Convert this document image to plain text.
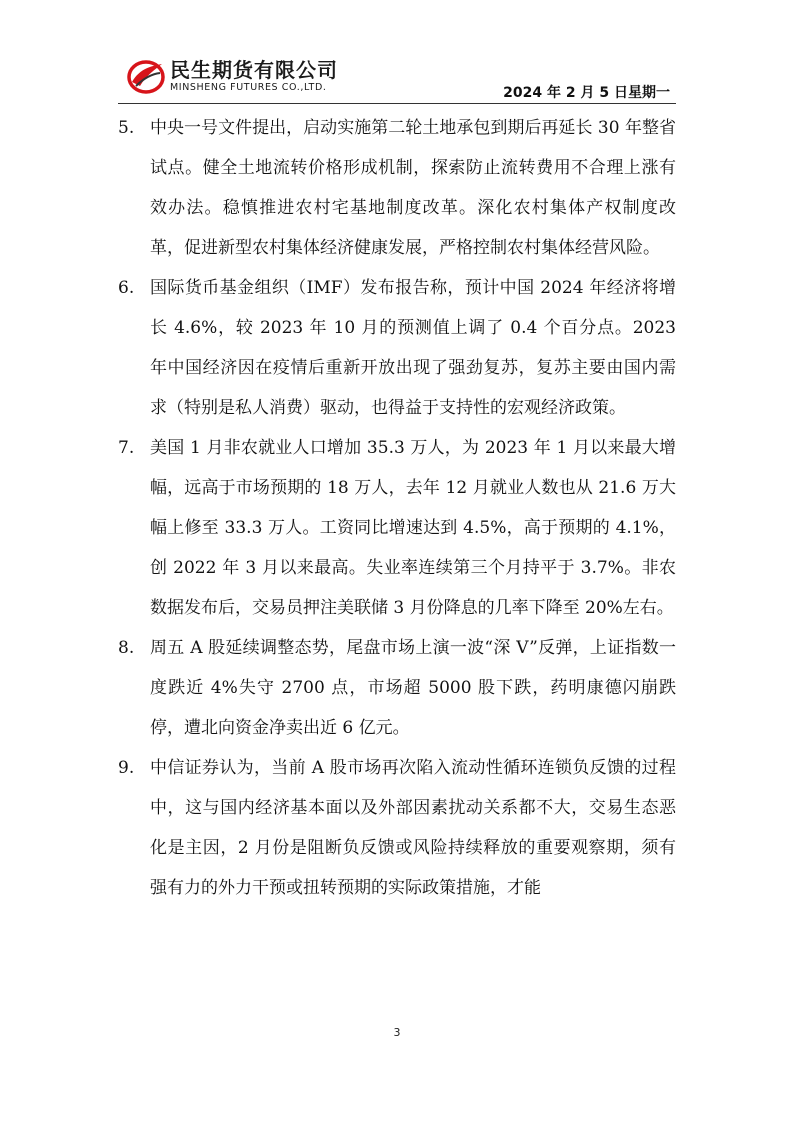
民生期货有限公司
MINSHENG FUTURES CO.,LTD.	2024 年 2 月 5 日星期一
5. 中央一号文件提出，启动实施第二轮土地承包到期后再延长 30 年整省试点。健全土地流转价格形成机制，探索防止流转费用不合理上涨有效办法。稳慎推进农村宅基地制度改革。深化农村集体产权制度改革，促进新型农村集体经济健康发展，严格控制农村集体经营风险。
6. 国际货币基金组织（IMF）发布报告称，预计中国 2024 年经济将增长 4.6%，较 2023 年 10 月的预测值上调了 0.4 个百分点。2023 年中国经济因在疫情后重新开放出现了强劲复苏，复苏主要由国内需求（特别是私人消费）驱动，也得益于支持性的宏观经济政策。
7. 美国 1 月非农就业人口增加 35.3 万人，为 2023 年 1 月以来最大增幅，远高于市场预期的 18 万人，去年 12 月就业人数也从 21.6 万大幅上修至 33.3 万人。工资同比增速达到 4.5%，高于预期的 4.1%，创 2022 年 3 月以来最高。失业率连续第三个月持平于 3.7%。非农数据发布后，交易员押注美联储 3 月份降息的几率下降至 20%左右。
8. 周五 A 股延续调整态势，尾盘市场上演一波“深 V”反弹，上证指数一度跌近 4%失守 2700 点，市场超 5000 股下跌，药明康德闪崩跌停，遭北向资金净卖出近 6 亿元。
9. 中信证券认为，当前 A 股市场再次陷入流动性循环连锁负反馈的过程中，这与国内经济基本面以及外部因素扰动关系都不大，交易生态恶化是主因，2 月份是阻断负反馈或风险持续释放的重要观察期，须有强有力的外力干预或扭转预期的实际政策措施，才能
3
